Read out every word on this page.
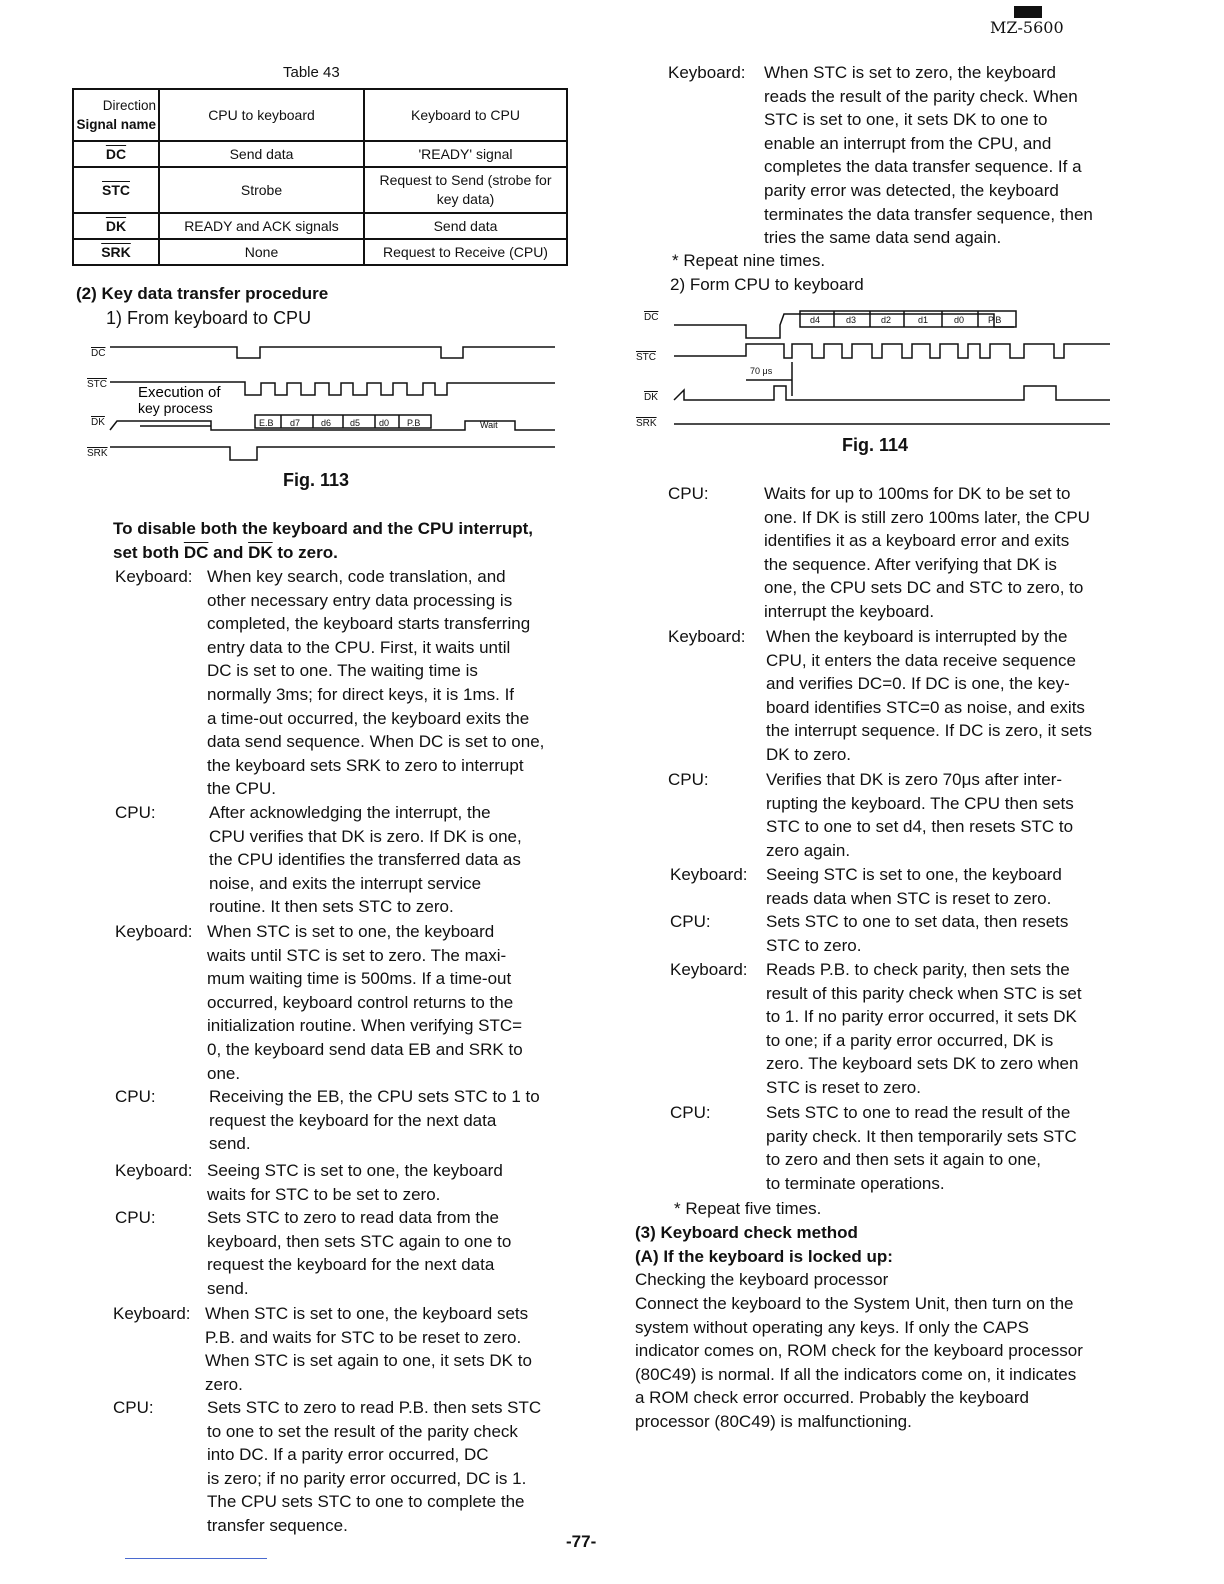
MZ-5600
Table 43
Direction
Signal name	CPU to keyboard	Keyboard to CPU
$\overline{DC}$	Send data	'READY' signal
$\overline{STC}$	Strobe	Request to Send (strobe for key data)
$\overline{DK}$	READY and ACK signals	Send data
$\overline{SRK}$	None	Request to Receive (CPU)
(2) Key data transfer procedure
1) From keyboard to CPU
DC
STC
DK
SRK
Execution of
key process
E.B d7 d6 d5 d0 P.B	Wait
Fig. 113
To disable both the keyboard and the CPU interrupt,
set both $\overline{DC}$ and $\overline{DK}$ to zero.
Keyboard: When key search, code translation, and
other necessary entry data processing is
completed, the keyboard starts transferring
entry data to the CPU. First, it waits until
DC is set to one. The waiting time is
normally 3ms; for direct keys, it is 1ms. If
a time-out occurred, the keyboard exits the
data send sequence. When DC is set to one,
the keyboard sets SRK to zero to interrupt
the CPU.
CPU:	After acknowledging the interrupt, the
CPU verifies that DK is zero. If DK is one,
the CPU identifies the transferred data as
noise, and exits the interrupt service
routine. It then sets STC to zero.
Keyboard: When STC is set to one, the keyboard
waits until STC is set to zero. The maxi-
mum waiting time is 500ms. If a time-out
occurred, keyboard control returns to the
initialization routine. When verifying STC=
0, the keyboard send data EB and SRK to
one.
CPU:	Receiving the EB, the CPU sets STC to 1 to
request the keyboard for the next data
send.
Keyboard: Seeing STC is set to one, the keyboard
waits for STC to be set to zero.
CPU:	Sets STC to zero to read data from the
keyboard, then sets STC again to one to
request the keyboard for the next data
send.
Keyboard: When STC is set to one, the keyboard sets
P.B. and waits for STC to be reset to zero.
When STC is set again to one, it sets DK to
zero.
CPU:	Sets STC to zero to read P.B. then sets STC
to one to set the result of the parity check
into DC. If a parity error occurred, DC
is zero; if no parity error occurred, DC is 1.
The CPU sets STC to one to complete the
transfer sequence.
Keyboard:	When STC is set to zero, the keyboard
reads the result of the parity check. When
STC is set to one, it sets DK to one to
enable an interrupt from the CPU, and
completes the data transfer sequence. If a
parity error was detected, the keyboard
terminates the data transfer sequence, then
tries the same data send again.
* Repeat nine times.
2) Form CPU to keyboard
DC
STC
DK
SRK
d4	d3	d2	d1	d0	P.B
70 μs
Fig. 114
CPU:	Waits for up to 100ms for DK to be set to
one. If DK is still zero 100ms later, the CPU
identifies it as a keyboard error and exits
the sequence. After verifying that DK is
one, the CPU sets DC and STC to zero, to
interrupt the keyboard.
Keyboard:	When the keyboard is interrupted by the
CPU, it enters the data receive sequence
and verifies DC=0. If DC is one, the key-
board identifies STC=0 as noise, and exits
the interrupt sequence. If DC is zero, it sets
DK to zero.
CPU:	Verifies that DK is zero 70μs after inter-
rupting the keyboard. The CPU then sets
STC to one to set d4, then resets STC to
zero again.
Keyboard:	Seeing STC is set to one, the keyboard
reads data when STC is reset to zero.
CPU:	Sets STC to one to set data, then resets
STC to zero.
Keyboard:	Reads P.B. to check parity, then sets the
result of this parity check when STC is set
to 1. If no parity error occurred, it sets DK
to one; if a parity error occurred, DK is
zero. The keyboard sets DK to zero when
STC is reset to zero.
CPU:	Sets STC to one to read the result of the
parity check. It then temporarily sets STC
to zero and then sets it again to one,
to terminate operations.
* Repeat five times.
(3) Keyboard check method
(A) If the keyboard is locked up:
Checking the keyboard processor
Connect the keyboard to the System Unit, then turn on the
system without operating any keys. If only the CAPS
indicator comes on, ROM check for the keyboard processor
(80C49) is normal. If all the indicators come on, it indicates
a ROM check error occurred. Probably the keyboard
processor (80C49) is malfunctioning.
-77-
